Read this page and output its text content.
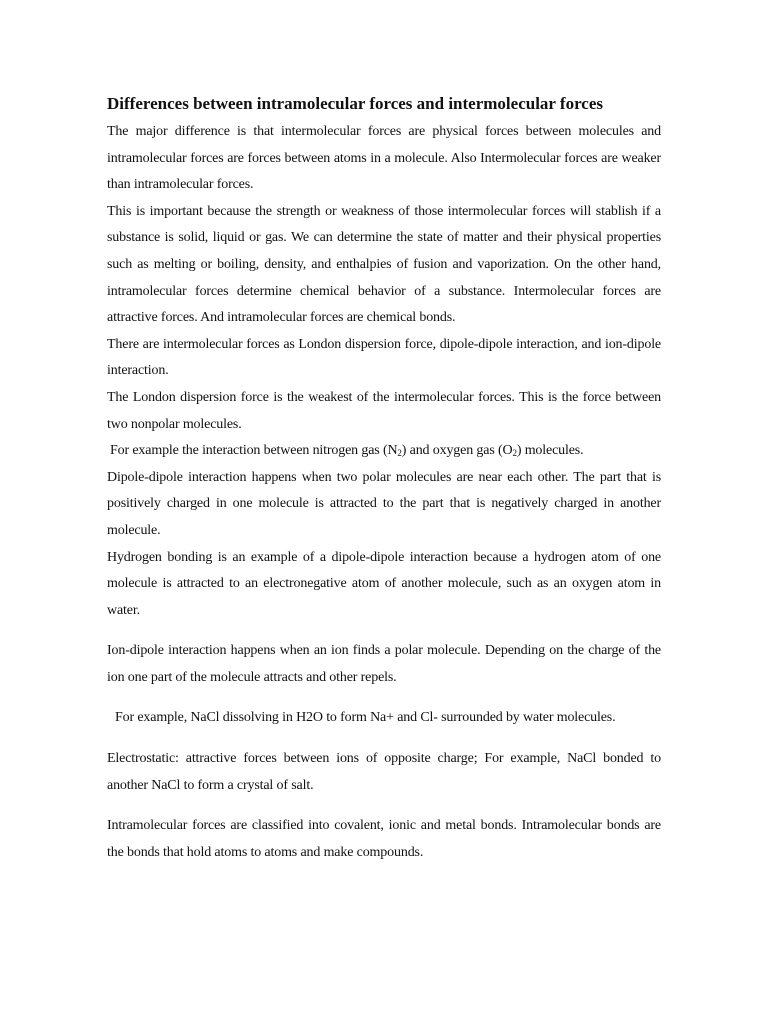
Differences between intramolecular forces and intermolecular forces

The major difference is that intermolecular forces are physical forces between molecules and intramolecular forces are forces between atoms in a molecule. Also Intermolecular forces are weaker than intramolecular forces.

This is important because the strength or weakness of those intermolecular forces will stablish if a substance is solid, liquid or gas. We can determine the state of matter and their physical properties such as melting or boiling, density, and enthalpies of fusion and vaporization. On the other hand, intramolecular forces determine chemical behavior of a substance. Intermolecular forces are attractive forces. And intramolecular forces are chemical bonds.

There are intermolecular forces as London dispersion force, dipole-dipole interaction, and ion-dipole interaction.

The London dispersion force is the weakest of the intermolecular forces. This is the force between two nonpolar molecules.

For example the interaction between nitrogen gas $(N_2)$ and oxygen gas $(O_2)$ molecules.

Dipole-dipole interaction happens when two polar molecules are near each other. The part that is positively charged in one molecule is attracted to the part that is negatively charged in another molecule.

Hydrogen bonding is an example of a dipole-dipole interaction because a hydrogen atom of one molecule is attracted to an electronegative atom of another molecule, such as an oxygen atom in water.

Ion-dipole interaction happens when an ion finds a polar molecule. Depending on the charge of the ion one part of the molecule attracts and other repels.

For example, NaCl dissolving in H2O to form Na+ and Cl- surrounded by water molecules.

Electrostatic: attractive forces between ions of opposite charge; For example, NaCl bonded to another NaCl to form a crystal of salt.

Intramolecular forces are classified into covalent, ionic and metal bonds. Intramolecular bonds are the bonds that hold atoms to atoms and make compounds.
